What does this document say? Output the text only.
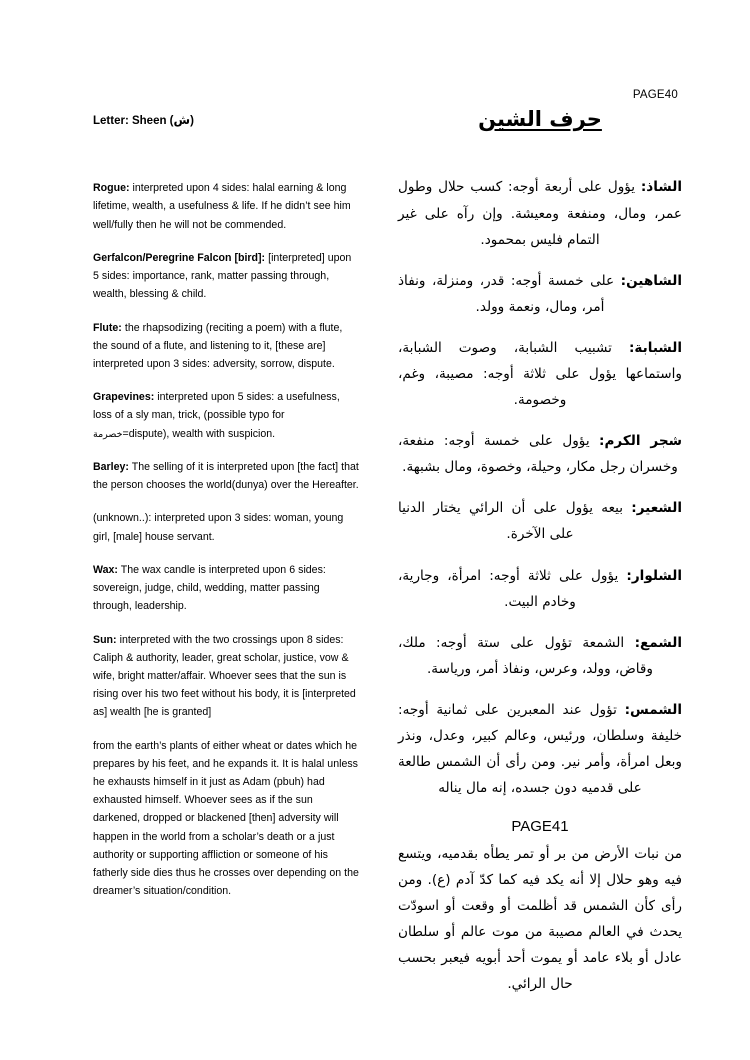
PAGE40
Letter: Sheen (ش)

Rogue: interpreted upon 4 sides: halal earning & long lifetime, wealth, a usefulness & life. If he didn’t see him well/fully then he will not be commended.

Gerfalcon/Peregrine Falcon [bird]: [interpreted] upon 5 sides: importance, rank, matter passing through, wealth, blessing & child.

Flute: the rhapsodizing (reciting a poem) with a flute, the sound of a flute, and listening to it, [these are] interpreted upon 3 sides: adversity, sorrow, dispute.

Grapevines: interpreted upon 5 sides: a usefulness, loss of a sly man, trick, (possible typo for خصرمة=dispute), wealth with suspicion.

Barley: The selling of it is interpreted upon [the fact] that the person chooses the world(dunya) over the Hereafter.

(unknown..): interpreted upon 3 sides: woman, young girl, [male] house servant.

Wax: The wax candle is interpreted upon 6 sides: sovereign, judge, child, wedding, matter passing through, leadership.

Sun: interpreted with the two crossings upon 8 sides: Caliph & authority, leader, great scholar, justice, vow & wife, bright matter/affair. Whoever sees that the sun is rising over his two feet without his body, it is [interpreted as] wealth [he is granted]

from the earth’s plants of either wheat or dates which he prepares by his feet, and he expands it. It is halal unless he exhausts himself in it just as Adam (pbuh) had exhausted himself. Whoever sees as if the sun darkened, dropped or blackened [then] adversity will happen in the world from a scholar’s death or a just authority or supporting affliction or someone of his fatherly side dies thus he crosses over depending on the dreamer’s situation/condition.

حرف الشين

الشاذ: يؤول على أربعة أوجه: كسب حلال وطول عمر، ومال، ومنفعة ومعيشة. وإن رآه على غير التمام فليس بمحمود.

الشاهين: على خمسة أوجه: قدر، ومنزلة، ونفاذ أمر، ومال، ونعمة وولد.

الشبابة: تشبيب الشبابة، وصوت الشبابة، واستماعها يؤول على ثلاثة أوجه: مصيبة، وغم، وخصومة.

شجر الكرم: يؤول على خمسة أوجه: منفعة، وخسران رجل مكار، وحيلة، وخصوة، ومال بشبهة.

الشعير: بيعه يؤول على أن الرائي يختار الدنيا على الآخرة.

الشلوار: يؤول على ثلاثة أوجه: امرأة، وجارية، وخادم البيت.

الشمع: الشمعة تؤول على ستة أوجه: ملك، وقاض، وولد، وعرس، ونفاذ أمر، ورياسة.

الشمس: تؤول عند المعبرين على ثمانية أوجه: خليفة وسلطان، ورئيس، وعالم كبير، وعدل، ونذر وبعل امرأة، وأمر نير. ومن رأى أن الشمس طالعة على قدميه دون جسده، إنه مال يناله

PAGE41

من نبات الأرض من بر أو تمر يطأه بقدميه، ويتسع فيه وهو حلال إلا أنه يكد فيه كما كدّ آدم (ع). ومن رأى كأن الشمس قد أظلمت أو وقعت أو اسودّت يحدث في العالم مصيبة من موت عالم أو سلطان عادل أو بلاء عامد أو يموت أحد أبويه فيعبر بحسب حال الرائي.
